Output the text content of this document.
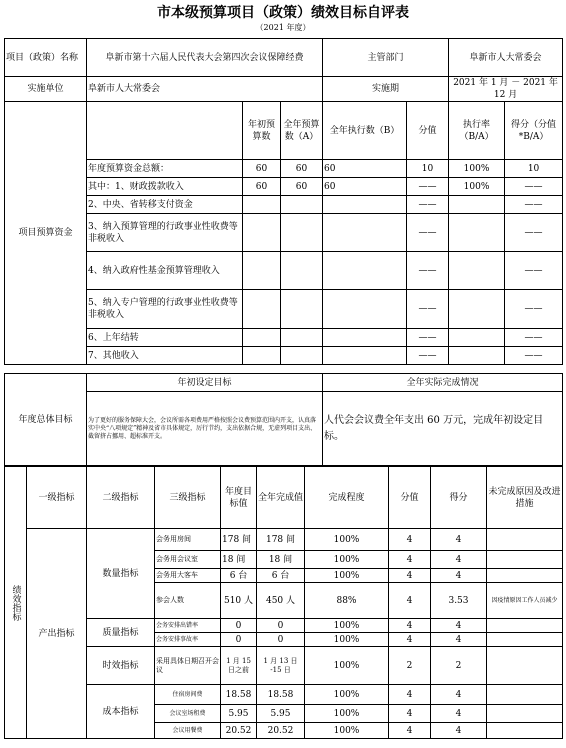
市本级预算项目（政策）绩效目标自评表
（2021 年度）
项目（政策）名称	阜新市第十六届人民代表大会第四次会议保障经费			主管部门		阜新市人大常委会	
实施单位	阜新市人大常委会			实施期		2021 年 1 月 － 2021 年 12 月	
项目预算资金		年初预算数	全年预算数（A）	全年执行数（B）	分值	执行率（B/A）	得分（分值*B/A）
	年度预算资金总额：	60	60	60	10	100%	10
	其中：1、财政拨款收入	60	60	60	——	100%	——
	2、中央、省转移支付资金				——		——
	3、纳入预算管理的行政事业性收费等非税收入				——		——
	4、纳入政府性基金预算管理收入				——		——
	5、纳入专户管理的行政事业性收费等非税收入				——		——
	6、上年结转				——		——
	7、其他收入				——		——
年度总体目标	年初设定目标	全年实际完成情况
	为了更好的服务保障大会，会议所需各项费用严格按照会议费预算范围内开支，认真落实中央“八项规定”精神及省市具体规定，厉行节约，支出依据合规，无虚列项目支出、截留挤占挪用、超标准开支。	人代会会议费全年支出 60 万元，完成年初设定目标。
绩效指标	一级指标	二级指标	三级指标	年度目标值	全年完成值	完成程度	分值	得分	未完成原因及改进措施
	产出指标	数量指标	会务用房间	178 间	178 间	100%	4	4	
			会务用会议室	18 间	18 间	100%	4	4	
			会务用大客车	6 台	6 台	100%	4	4	
			参会人数	510 人	450 人	88%	4	3.53	因疫情原因工作人员减少
		质量指标	会务安排出错率	0	0	100%	4	4	
			会务安排事故率	0	0	100%	4	4	
		时效指标	采用具体日期召开会议	1 月 15 日之前	1 月 13 日 -15 日	100%	2	2	
		成本指标	住宿房间费	18.58	18.58	100%	4	4	
			会议室场租费	5.95	5.95	100%	4	4	
			会议用餐费	20.52	20.52	100%	4	4	
